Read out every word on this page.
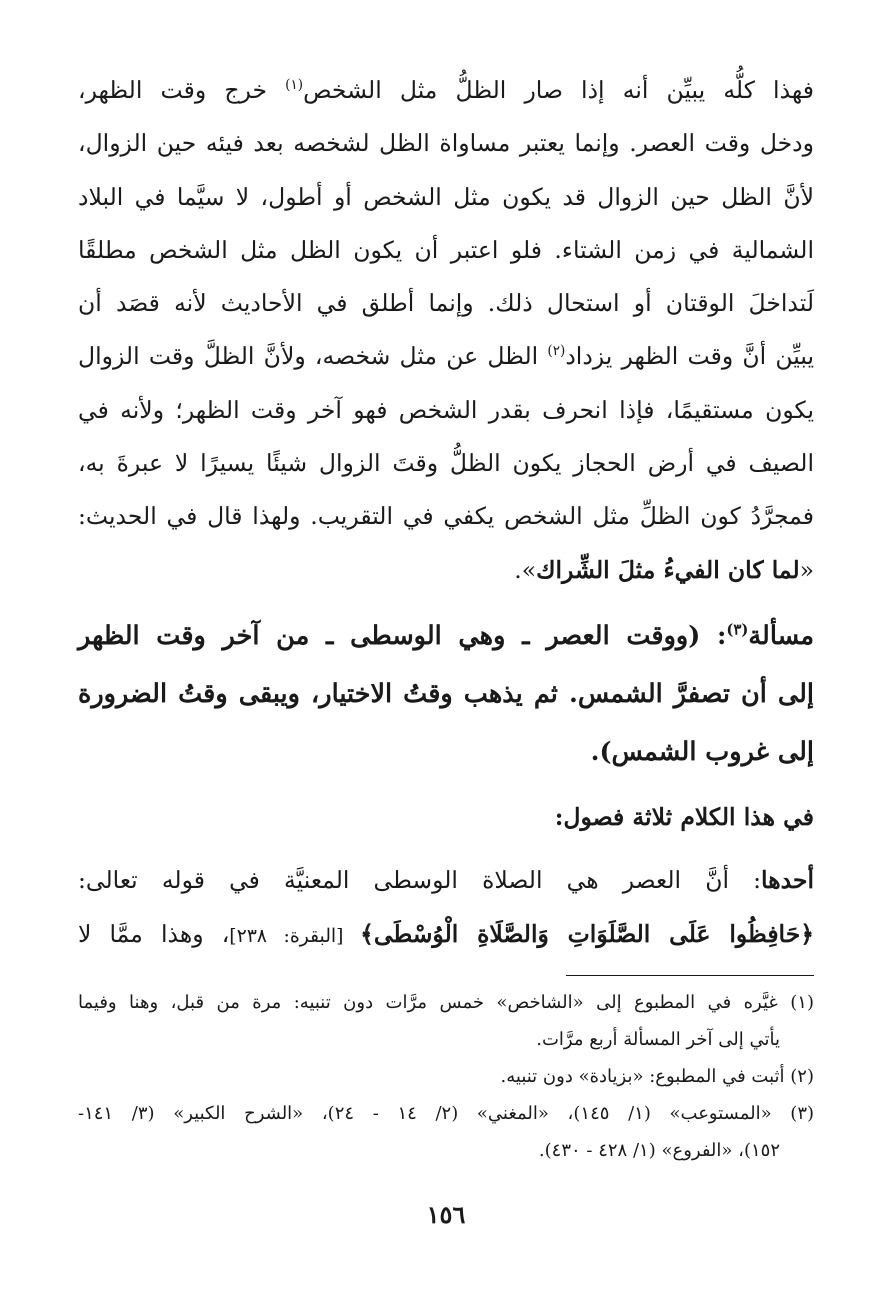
فهذا كلُّه يبيِّن أنه إذا صار الظلُّ مثل الشخص$^{(١)}$ خرج وقت الظهر،
ودخل وقت العصر. وإنما يعتبر مساواة الظل لشخصه بعد فيئه حين الزوال،
لأنَّ الظل حين الزوال قد يكون مثل الشخص أو أطول، لا سيَّما في البلاد
الشمالية في زمن الشتاء. فلو اعتبر أن يكون الظل مثل الشخص مطلقًا
لَتداخلَ الوقتان أو استحال ذلك. وإنما أطلق في الأحاديث لأنه قصَد أن
يبيِّن أنَّ وقت الظهر يزداد$^{(٢)}$ الظل عن مثل شخصه، ولأنَّ الظلَّ وقت الزوال
يكون مستقيمًا، فإذا انحرف بقدر الشخص فهو آخر وقت الظهر؛ ولأنه في
الصيف في أرض الحجاز يكون الظلُّ وقتَ الزوال شيئًا يسيرًا لا عبرةَ به،
فمجرَّدُ كون الظلِّ مثل الشخص يكفي في التقريب. ولهذا قال في الحديث:
«لما كان الفيءُ مثلَ الشِّراك».
مسألة$^{(٣)}$: (ووقت العصر ـ وهي الوسطى ـ من آخر وقت الظهر
إلى أن تصفرَّ الشمس. ثم يذهب وقتُ الاختيار، ويبقى وقتُ الضرورة
إلى غروب الشمس).
في هذا الكلام ثلاثة فصول:
أحدها: أنَّ العصر هي الصلاة الوسطى المعنيَّة في قوله تعالى:
﴿حَافِظُوا عَلَى الصَّلَوَاتِ وَالصَّلَاةِ الْوُسْطَى﴾ [البقرة: ٢٣٨]، وهذا ممَّا لا
(١) غيَّره في المطبوع إلى «الشاخص» خمس مرَّات دون تنبيه: مرة من قبل، وهنا وفيما
يأتي إلى آخر المسألة أربع مرَّات.
(٢) أثبت في المطبوع: «بزيادة» دون تنبيه.
(٣) «المستوعب» (١/ ١٤٥)، «المغني» (٢/ ١٤ - ٢٤)، «الشرح الكبير» (٣/ ١٤١-
١٥٢)، «الفروع» (١/ ٤٢٨ - ٤٣٠).
١٥٦
